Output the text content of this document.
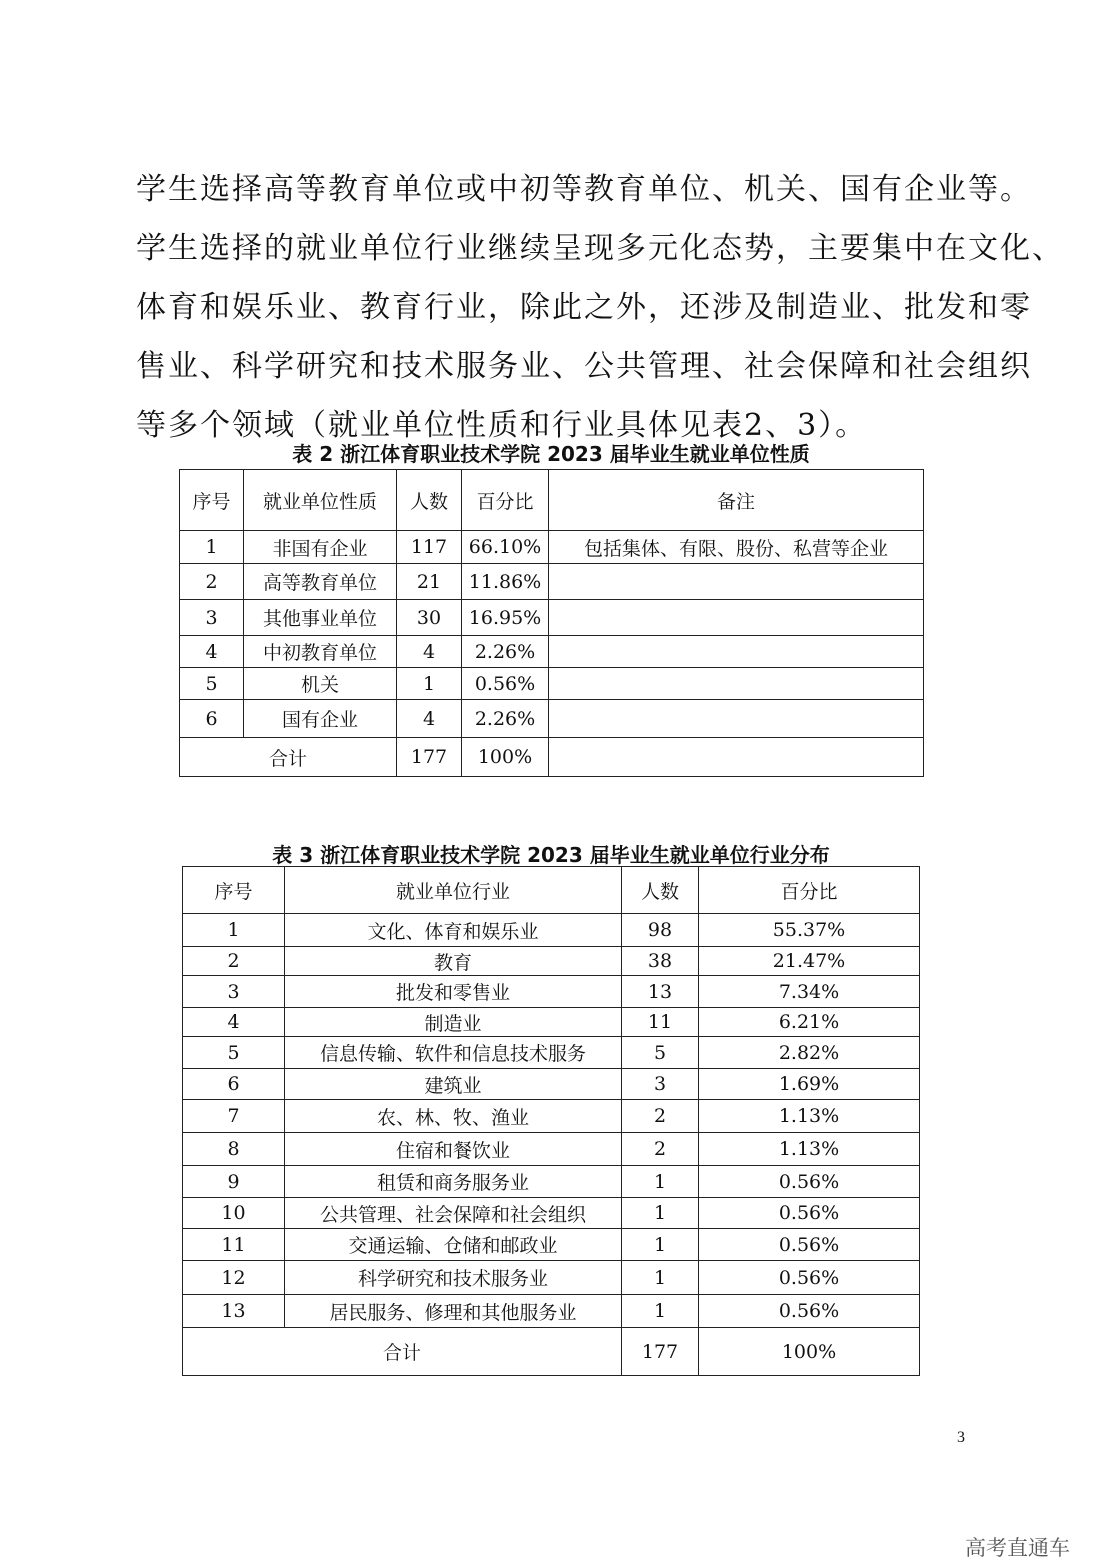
学生选择高等教育单位或中初等教育单位、机关、国有企业等。
学生选择的就业单位行业继续呈现多元化态势，主要集中在文化、
体育和娱乐业、教育行业，除此之外，还涉及制造业、批发和零
售业、科学研究和技术服务业、公共管理、社会保障和社会组织
等多个领域（就业单位性质和行业具体见表2、3）。
表 2 浙江体育职业技术学院 2023 届毕业生就业单位性质
序号	就业单位性质	人数	百分比	备注
1	非国有企业	117	66.10%	包括集体、有限、股份、私营等企业
2	高等教育单位	21	11.86%	
3	其他事业单位	30	16.95%	
4	中初教育单位	4	2.26%	
5	机关	1	0.56%	
6	国有企业	4	2.26%	
合计		177	100%	
表 3 浙江体育职业技术学院 2023 届毕业生就业单位行业分布
序号	就业单位行业	人数	百分比
1	文化、体育和娱乐业	98	55.37%
2	教育	38	21.47%
3	批发和零售业	13	7.34%
4	制造业	11	6.21%
5	信息传输、软件和信息技术服务	5	2.82%
6	建筑业	3	1.69%
7	农、林、牧、渔业	2	1.13%
8	住宿和餐饮业	2	1.13%
9	租赁和商务服务业	1	0.56%
10	公共管理、社会保障和社会组织	1	0.56%
11	交通运输、仓储和邮政业	1	0.56%
12	科学研究和技术服务业	1	0.56%
13	居民服务、修理和其他服务业	1	0.56%
合计		177	100%
3
高考直通车
